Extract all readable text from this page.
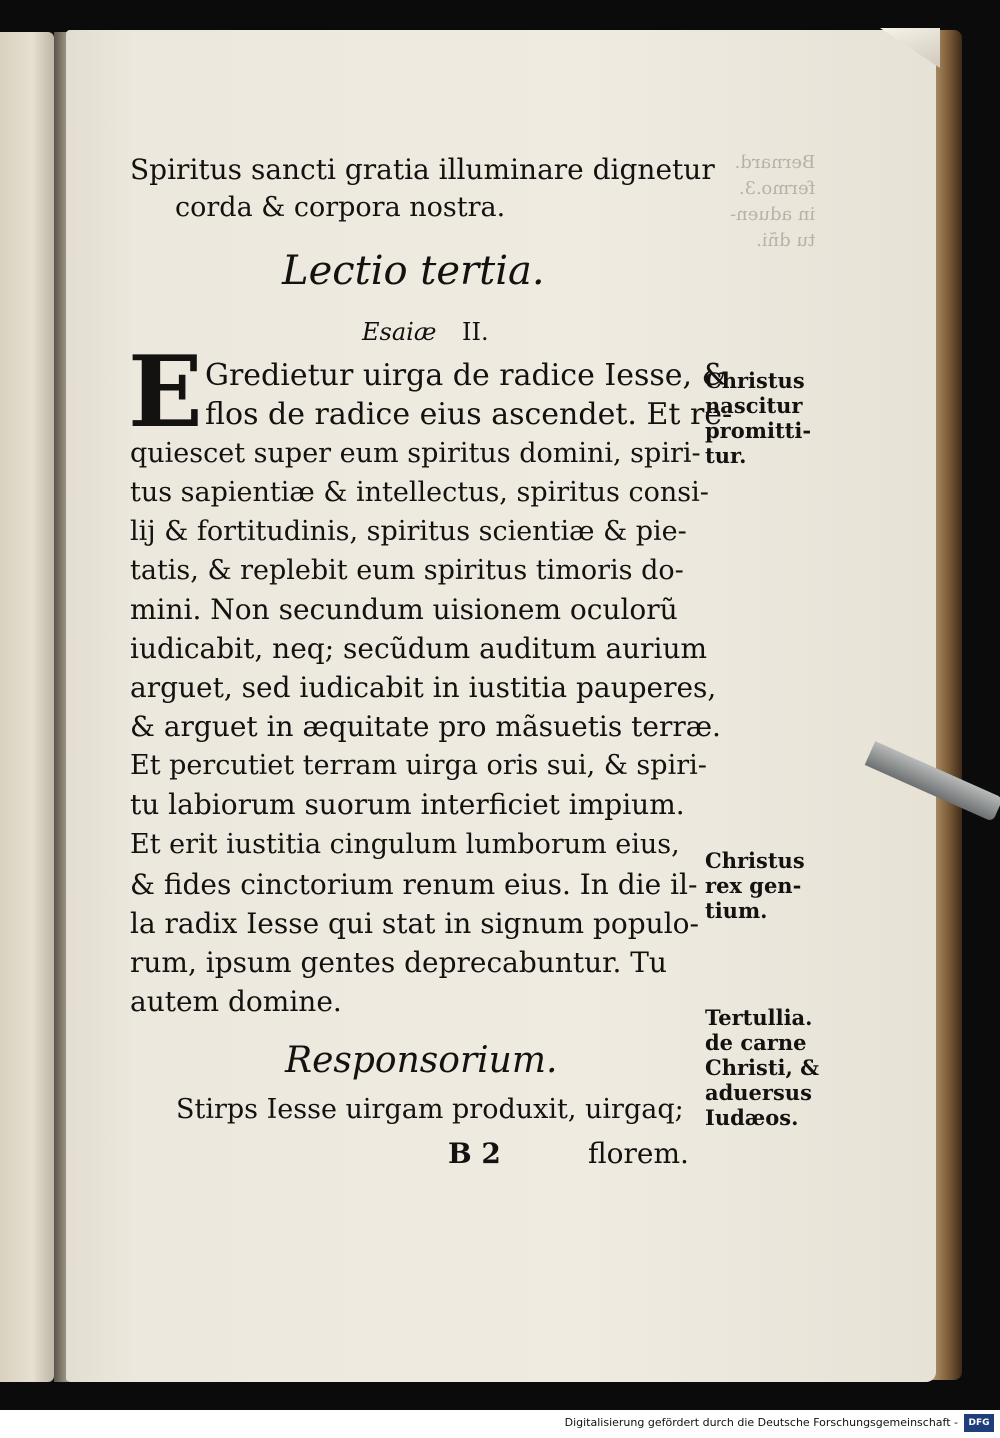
Bernard.
fermo.3.
in aduen-
tu dñi.
Spiritus sancti gratia illuminare dignetur
corda & corpora nostra.
Lectio tertia.
Esaiæ II.
E Gredietur uirga de radice Iesse, &
flos de radice eius ascendet. Et re-
quiescet super eum spiritus domini, spiri-
tus sapientiæ & intellectus, spiritus consi-
lij & fortitudinis, spiritus scientiæ & pie-
tatis, & replebit eum spiritus timoris do-
mini. Non secundum uisionem oculorũ
iudicabit, neq; secũdum auditum aurium
arguet, sed iudicabit in iustitia pauperes,
& arguet in æquitate pro mãsuetis terræ.
Et percutiet terram uirga oris sui, & spiri-
tu labiorum suorum interficiet impium.
Et erit iustitia cingulum lumborum eius,
& fides cinctorium renum eius. In die il-
la radix Iesse qui stat in signum populo-
rum, ipsum gentes deprecabuntur. Tu
autem domine.
Christus
nascitur
promitti-
tur.
Christus
rex gen-
tium.
Tertullia.
de carne
Christi, &
aduersus
Iudæos.
Responsorium.
Stirps Iesse uirgam produxit, uirgaq;
B 2	florem.
Digitalisierung gefördert durch die Deutsche Forschungsgemeinschaft -	DFG
